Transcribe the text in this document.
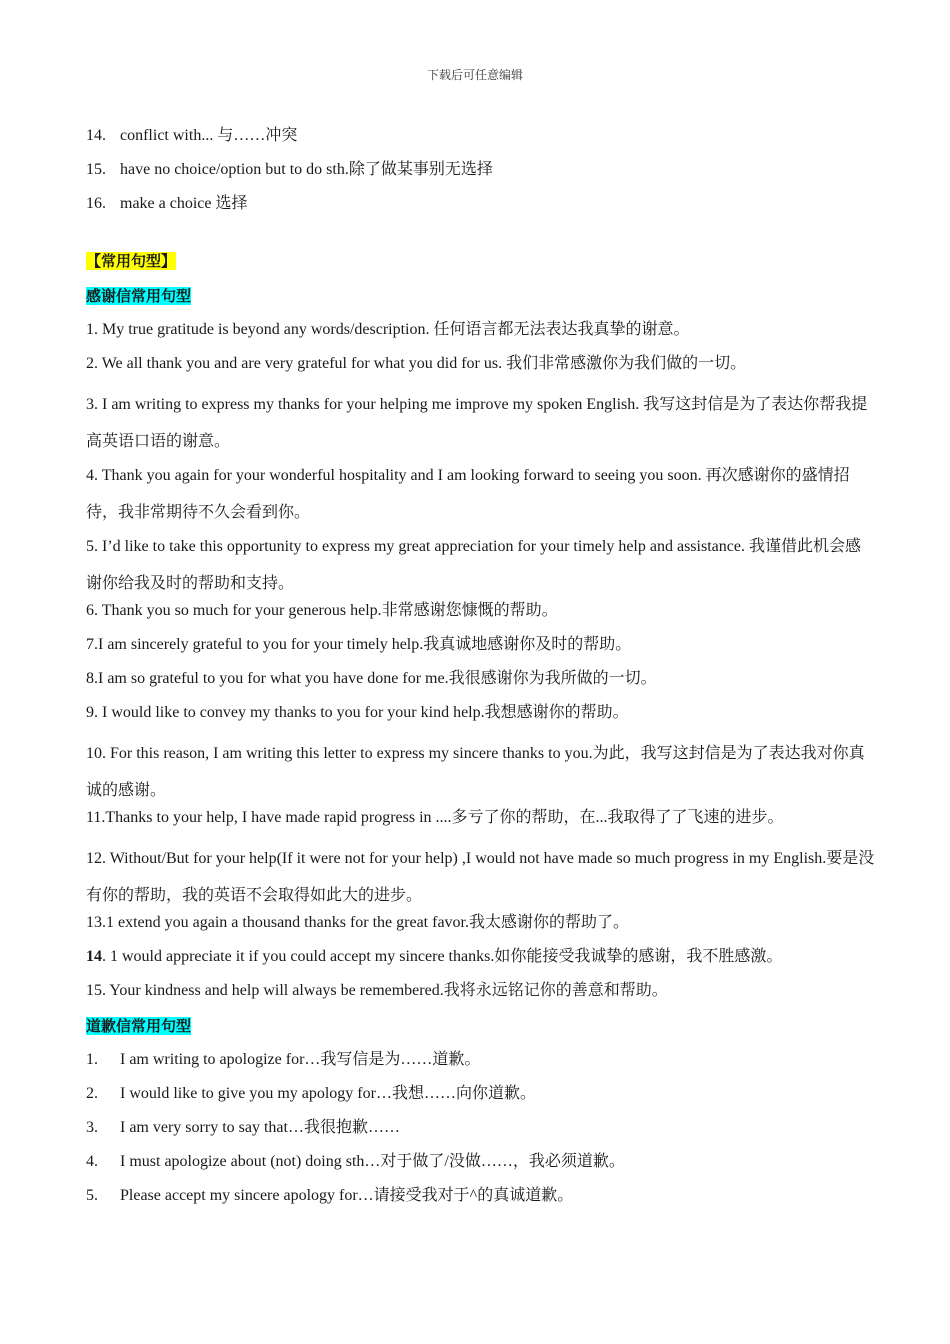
下载后可任意编辑
14. conflict with... 与……冲突
15. have no choice/option but to do sth.除了做某事别无选择
16. make a choice 选择
【常用句型】
感谢信常用句型
1. My true gratitude is beyond any words/description. 任何语言都无法表达我真挚的谢意。
2. We all thank you and are very grateful for what you did for us. 我们非常感激你为我们做的一切。
3. I am writing to express my thanks for your helping me improve my spoken English. 我写这封信是为了表达你帮我提高英语口语的谢意。
4. Thank you again for your wonderful hospitality and I am looking forward to seeing you soon. 再次感谢你的盛情招待，我非常期待不久会看到你。
5. I’d like to take this opportunity to express my great appreciation for your timely help and assistance. 我谨借此机会感谢你给我及时的帮助和支持。
6. Thank you so much for your generous help.非常感谢您慷慨的帮助。
7.I am sincerely grateful to you for your timely help.我真诚地感谢你及时的帮助。
8.I am so grateful to you for what you have done for me.我很感谢你为我所做的一切。
9. I would like to convey my thanks to you for your kind help.我想感谢你的帮助。
10. For this reason, I am writing this letter to express my sincere thanks to you.为此，我写这封信是为了表达我对你真诚的感谢。
11.Thanks to your help, I have made rapid progress in ....多亏了你的帮助，在...我取得了了飞速的进步。
12. Without/But for your help(If it were not for your help) ,I would not have made so much progress in my English.要是没有你的帮助，我的英语不会取得如此大的进步。
13.1 extend you again a thousand thanks for the great favor.我太感谢你的帮助了。
14. 1 would appreciate it if you could accept my sincere thanks.如你能接受我诚挚的感谢，我不胜感激。
15. Your kindness and help will always be remembered.我将永远铭记你的善意和帮助。
道歉信常用句型
1. I am writing to apologize for…我写信是为……道歉。
2. I would like to give you my apology for…我想……向你道歉。
3. I am very sorry to say that…我很抱歉……
4. I must apologize about (not) doing sth…对于做了/没做……，我必须道歉。
5. Please accept my sincere apology for…请接受我对于^的真诚道歉。
